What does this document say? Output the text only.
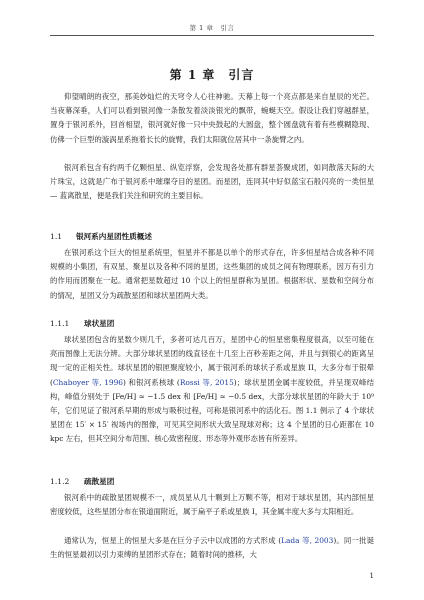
第 1 章　引言
第 1 章　引言

仰望晴朗的夜空，那美妙灿烂的天穹令人心往神驰。天幕上每一个亮点都是来自星辰的光芒。当夜幕深垂，人们可以看到银河像一条散发着淡淡银光的飘带，蜿蜒天空。假设让我们穿越群星，置身于银河系外，回首相望，银河就好像一只中央鼓起的大圆盘，整个圆盘就有着有些模糊隐现、仿佛一个巨型的漩涡星系拖着长长的旋臂，我们太阳就位居其中一条旋臂之内。

银河系包含有约两千亿颗恒星、纵览浮察，会发现各处都有群星荟聚成团，如同散落天际的大片珠宝，这就是广布于银河系中璀璨夺目的星团。而星团，连同其中好似蓝宝石般闪亮的一类恒星 — 蓝离散星，便是我们关注和研究的主要目标。

1.1 银河系内星团性质概述

在银河系这个巨大的恒星系统里，恒星并不都是以单个的形式存在，许多恒星结合成各种不同规模的小集团，有双星、聚星以及各种不同的星团，这些集团的成员之间有物理联系，因万有引力的作用而团聚在一起。通常把星数超过 10 个以上的恒星群称为星团。根据形状、星数和空间分布的情况，星团又分为疏散星团和球状星团两大类。

1.1.1 球状星团

球状星团包含的星数少则几千，多者可达几百万，星团中心的恒星密集程度很高，以至可能在亮而图像上无法分辨。大部分球状星团的线直径在十几至上百秒差距之间，并且与到银心的距离呈现一定的正相关性。球状星团的银匣聚度较小，属于银河系的球状子系或星族 II，大多分布于银晕 (Chaboyer 等, 1996) 和银河系核球 (Rossi 等, 2015)；球状星团金属丰度较低，并呈现双峰结构，峰值分别处于 [Fe/H] ≈ −1.5 dex 和 [Fe/H] ≈ −0.5 dex，大部分球状星团的年龄大于 10⁹ 年，它们见证了银河系早期的形成与吸积过程，可称是银河系中的活化石。图 1.1 例示了 4 个球状星团在 15′ × 15′ 视场内的图像，可见其空间形状大致呈现球对称；这 4 个星团的日心距都在 10 kpc 左右，但其空间分布范围、核心致密程度、形态等外观形态皆有所差异。

1.1.2 疏散星团

银河系中的疏散星团规模不一，成员星从几十颗到上万颗不等，相对于球状星团，其内部恒星密度较低，这些星团分布在银道面附近，属于扁平子系或星族 I，其金属丰度大多与太阳相近。

通常认为，恒星上的恒星大多是在巨分子云中以成团的方式形成 (Lada 等, 2003)。同一批诞生的恒星最初以引力束缚的星团形式存在；随着时间的推移，大

1
